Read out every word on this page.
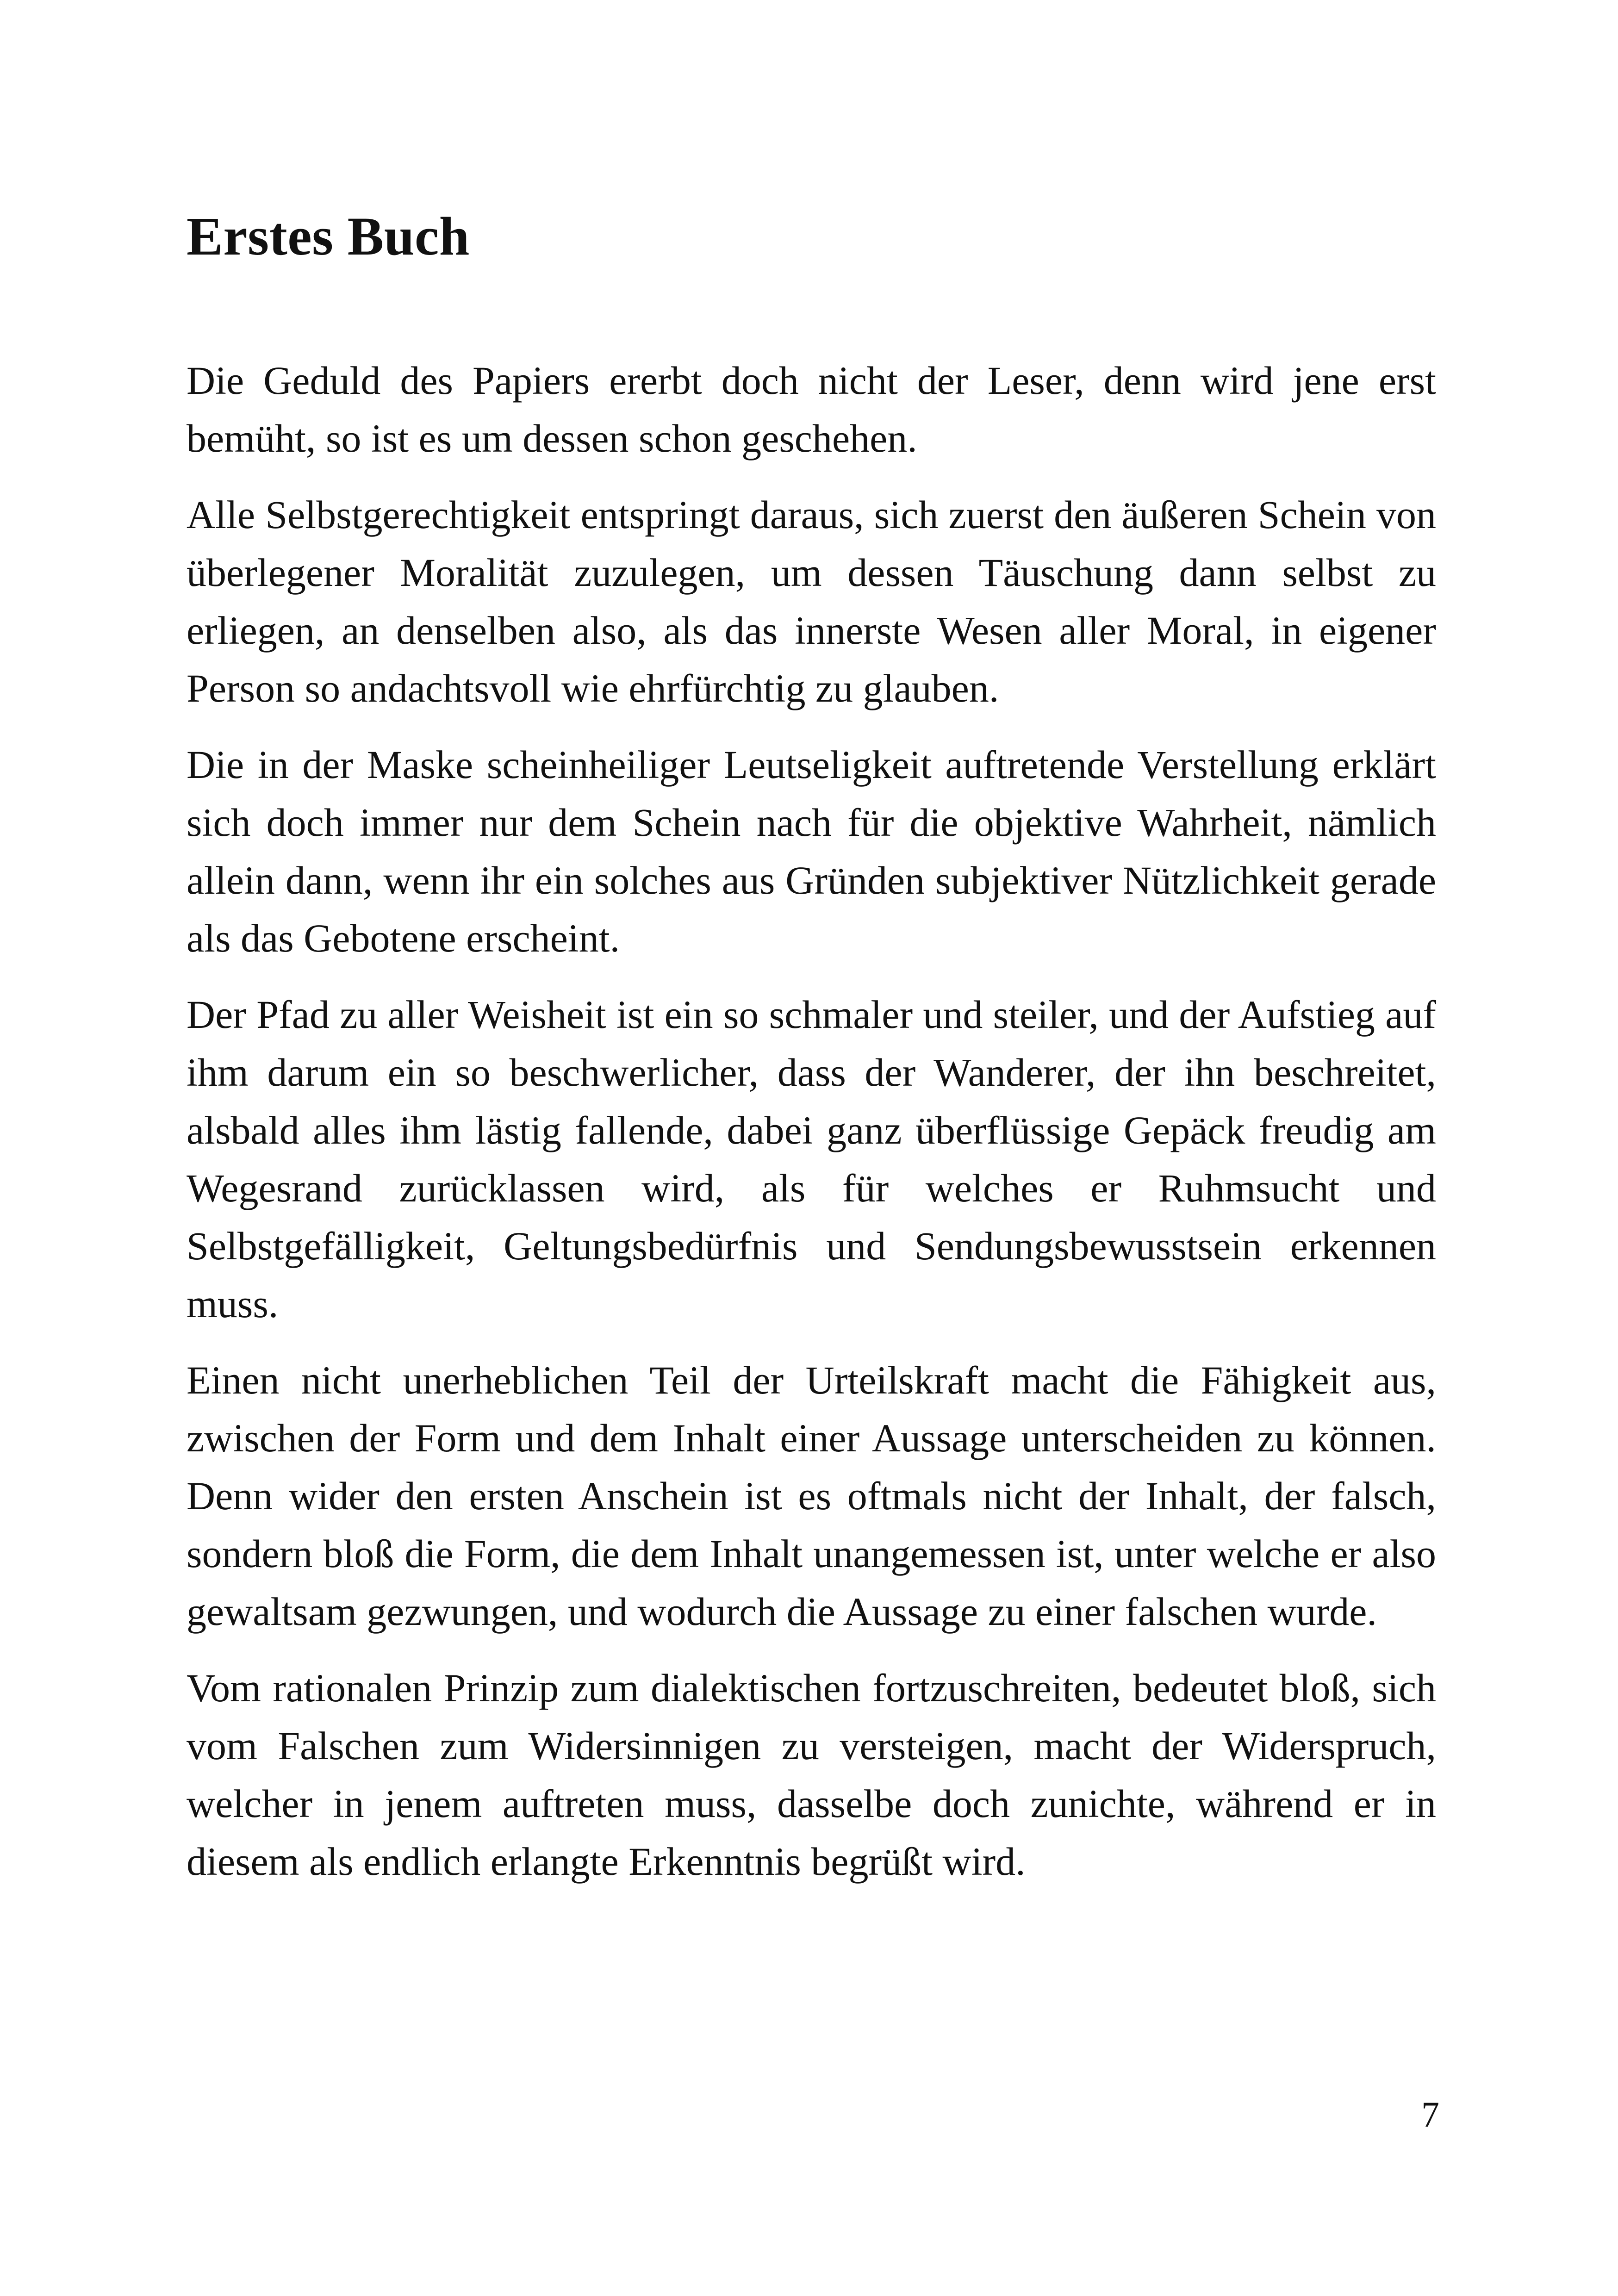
Erstes Buch

Die Geduld des Papiers ererbt doch nicht der Leser, denn wird jene erst bemüht, so ist es um dessen schon geschehen.

Alle Selbstgerechtigkeit entspringt daraus, sich zuerst den äußeren Schein von überlegener Moralität zuzulegen, um dessen Täuschung dann selbst zu erliegen, an denselben also, als das innerste Wesen aller Moral, in eigener Person so andachtsvoll wie ehrfürchtig zu glauben.

Die in der Maske scheinheiliger Leutseligkeit auftretende Verstellung erklärt sich doch immer nur dem Schein nach für die objektive Wahrheit, nämlich allein dann, wenn ihr ein solches aus Gründen subjektiver Nützlichkeit gerade als das Gebotene erscheint.

Der Pfad zu aller Weisheit ist ein so schmaler und steiler, und der Aufstieg auf ihm darum ein so beschwerlicher, dass der Wanderer, der ihn beschreitet, alsbald alles ihm lästig fallende, dabei ganz überflüssige Gepäck freudig am Wegesrand zurücklassen wird, als für welches er Ruhmsucht und Selbstgefälligkeit, Geltungsbedürfnis und Sendungsbewusstsein erkennen muss.

Einen nicht unerheblichen Teil der Urteilskraft macht die Fähigkeit aus, zwischen der Form und dem Inhalt einer Aussage unterscheiden zu können. Denn wider den ersten Anschein ist es oftmals nicht der Inhalt, der falsch, sondern bloß die Form, die dem Inhalt unangemessen ist, unter welche er also gewaltsam gezwungen, und wodurch die Aussage zu einer falschen wurde.

Vom rationalen Prinzip zum dialektischen fortzuschreiten, bedeutet bloß, sich vom Falschen zum Widersinnigen zu versteigen, macht der Widerspruch, welcher in jenem auftreten muss, dasselbe doch zunichte, während er in diesem als endlich erlangte Erkenntnis begrüßt wird.

7
